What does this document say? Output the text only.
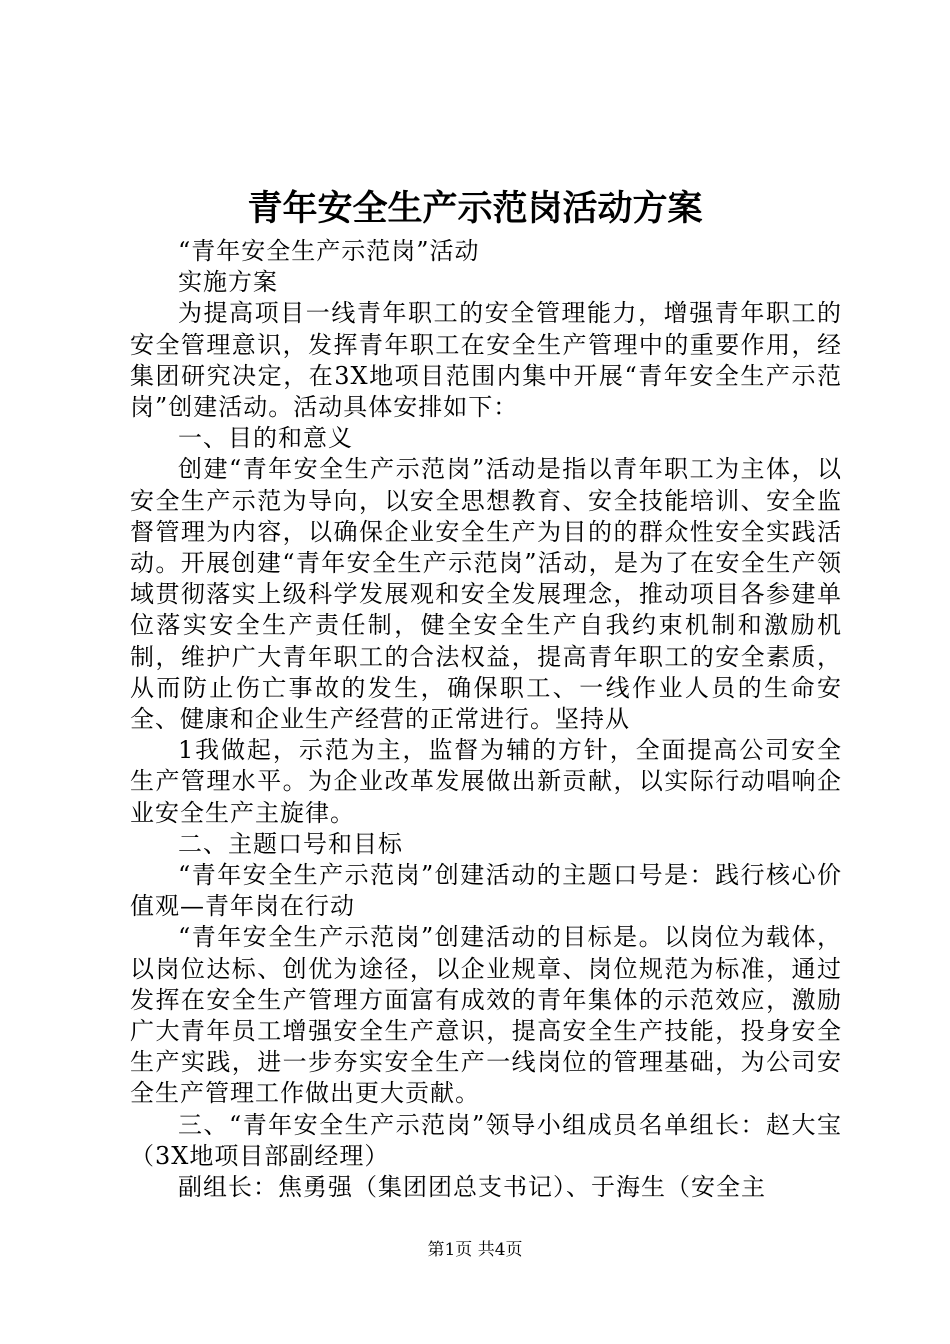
青年安全生产示范岗活动方案

“青年安全生产示范岗”活动

实施方案

为提高项目一线青年职工的安全管理能力，增强青年职工的安全管理意识，发挥青年职工在安全生产管理中的重要作用，经集团研究决定，在3X地项目范围内集中开展“青年安全生产示范岗”创建活动。活动具体安排如下：

一、目的和意义

创建“青年安全生产示范岗”活动是指以青年职工为主体，以安全生产示范为导向，以安全思想教育、安全技能培训、安全监督管理为内容，以确保企业安全生产为目的的群众性安全实践活动。开展创建“青年安全生产示范岗”活动，是为了在安全生产领域贯彻落实上级科学发展观和安全发展理念，推动项目各参建单位落实安全生产责任制，健全安全生产自我约束机制和激励机制，维护广大青年职工的合法权益，提高青年职工的安全素质，从而防止伤亡事故的发生，确保职工、一线作业人员的生命安全、健康和企业生产经营的正常进行。坚持从

1我做起，示范为主，监督为辅的方针，全面提高公司安全生产管理水平。为企业改革发展做出新贡献，以实际行动唱响企业安全生产主旋律。

二、主题口号和目标

“青年安全生产示范岗”创建活动的主题口号是：践行核心价值观—青年岗在行动

“青年安全生产示范岗”创建活动的目标是。以岗位为载体，以岗位达标、创优为途径，以企业规章、岗位规范为标准，通过发挥在安全生产管理方面富有成效的青年集体的示范效应，激励广大青年员工增强安全生产意识，提高安全生产技能，投身安全生产实践，进一步夯实安全生产一线岗位的管理基础，为公司安全生产管理工作做出更大贡献。

三、“青年安全生产示范岗”领导小组成员名单组长：赵大宝（3X地项目部副经理）

副组长：焦勇强（集团团总支书记）、于海生（安全主

第1页 共4页
